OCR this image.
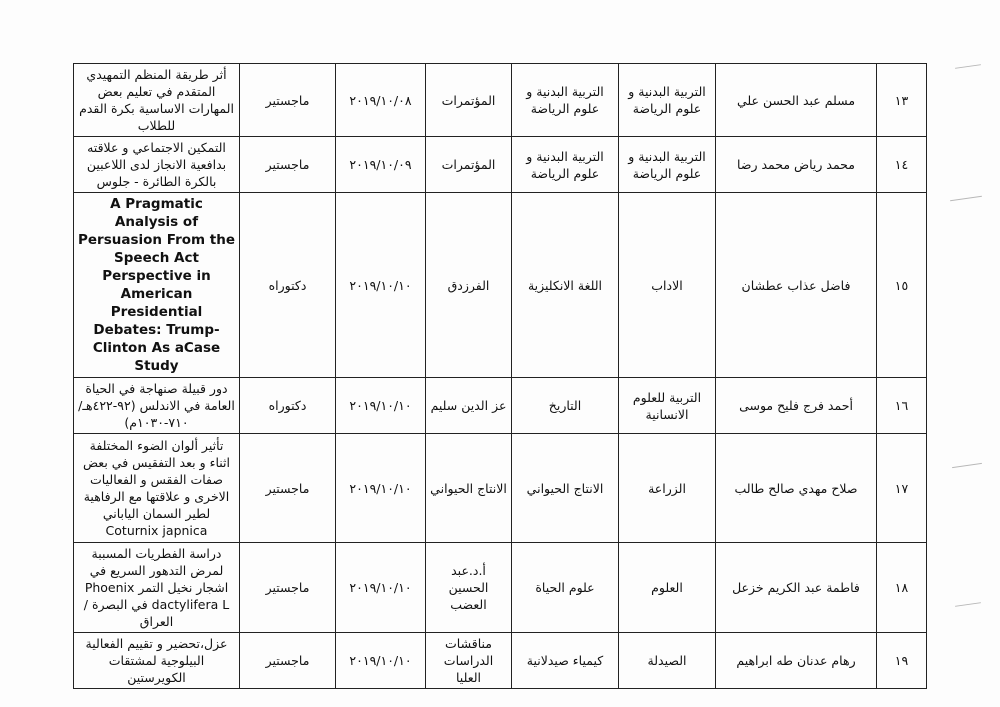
١٣	مسلم عبد الحسن علي	التربية البدنية و علوم الرياضة	التربية البدنية و علوم الرياضة	المؤتمرات	٢٠١٩/١٠/٠٨	ماجستير	أثر طريقة المنظم التمهيدي المتقدم في تعليم بعض المهارات الاساسية بكرة القدم للطلاب
١٤	محمد رياض محمد رضا	التربية البدنية و علوم الرياضة	التربية البدنية و علوم الرياضة	المؤتمرات	٢٠١٩/١٠/٠٩	ماجستير	التمكين الاجتماعي و علاقته بدافعية الانجاز لدى اللاعبين بالكرة الطائرة - جلوس
١٥	فاضل عذاب عطشان	الاداب	اللغة الانكليزية	الفرزدق	٢٠١٩/١٠/١٠	دكتوراه	A Pragmatic Analysis of Persuasion From the Speech Act Perspective in American Presidential Debates: Trump-Clinton As aCase Study
١٦	أحمد فرج فليح موسى	التربية للعلوم الانسانية	التاريخ	عز الدين سليم	٢٠١٩/١٠/١٠	دكتوراه	دور قبيلة صنهاجة في الحياة العامة في الاندلس (٩٢-٤٢٢هـ/٧١٠-١٠٣٠م)
١٧	صلاح مهدي صالح طالب	الزراعة	الانتاج الحيواني	الانتاج الحيواني	٢٠١٩/١٠/١٠	ماجستير	تأثير ألوان الضوء المختلفة اثناء و بعد التفقيس في بعض صفات الفقس و الفعاليات الاخرى و علاقتها مع الرفاهية لطير السمان الياباني Coturnix japnica
١٨	فاطمة عبد الكريم خزعل	العلوم	علوم الحياة	أ.د.عبد الحسين العضب	٢٠١٩/١٠/١٠	ماجستير	دراسة الفطريات المسببة لمرض التدهور السريع في اشجار نخيل التمر Phoenix dactylifera L في البصرة / العراق
١٩	رهام عدنان طه ابراهيم	الصيدلة	كيمياء صيدلانية	مناقشات الدراسات العليا	٢٠١٩/١٠/١٠	ماجستير	عزل،تحضير و تقييم الفعالية البيلوجية لمشتقات الكويرستين
